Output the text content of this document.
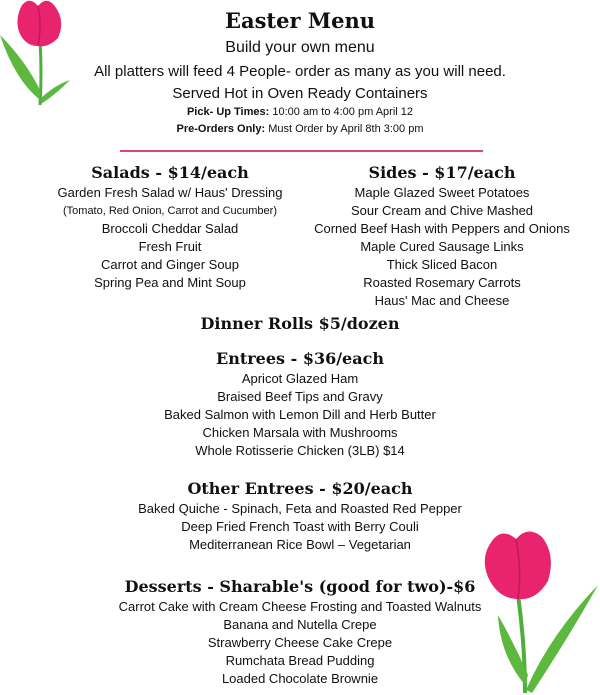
Easter Menu
Build your own menu
All platters will feed 4 People- order as many as you will need.
Served Hot in Oven Ready Containers
Pick- Up Times: 10:00 am to 4:00 pm April 12
Pre-Orders Only: Must Order by April 8th 3:00 pm
Salads - $14/each
Garden Fresh Salad w/ Haus' Dressing
(Tomato, Red Onion, Carrot and Cucumber)
Broccoli Cheddar Salad
Fresh Fruit
Carrot and Ginger Soup
Spring Pea and Mint Soup
Sides - $17/each
Maple Glazed Sweet Potatoes
Sour Cream and Chive Mashed
Corned Beef Hash with Peppers and Onions
Maple Cured Sausage Links
Thick Sliced Bacon
Roasted Rosemary Carrots
Haus' Mac and Cheese
Dinner Rolls $5/dozen
Entrees - $36/each
Apricot Glazed Ham
Braised Beef Tips and Gravy
Baked Salmon with Lemon Dill and Herb Butter
Chicken Marsala with Mushrooms
Whole Rotisserie Chicken (3LB) $14
Other Entrees - $20/each
Baked Quiche - Spinach, Feta and Roasted Red Pepper
Deep Fried French Toast with Berry Couli
Mediterranean Rice Bowl – Vegetarian
Desserts - Sharable's (good for two)-$6
Carrot Cake with Cream Cheese Frosting and Toasted Walnuts
Banana and Nutella Crepe
Strawberry Cheese Cake Crepe
Rumchata Bread Pudding
Loaded Chocolate Brownie
